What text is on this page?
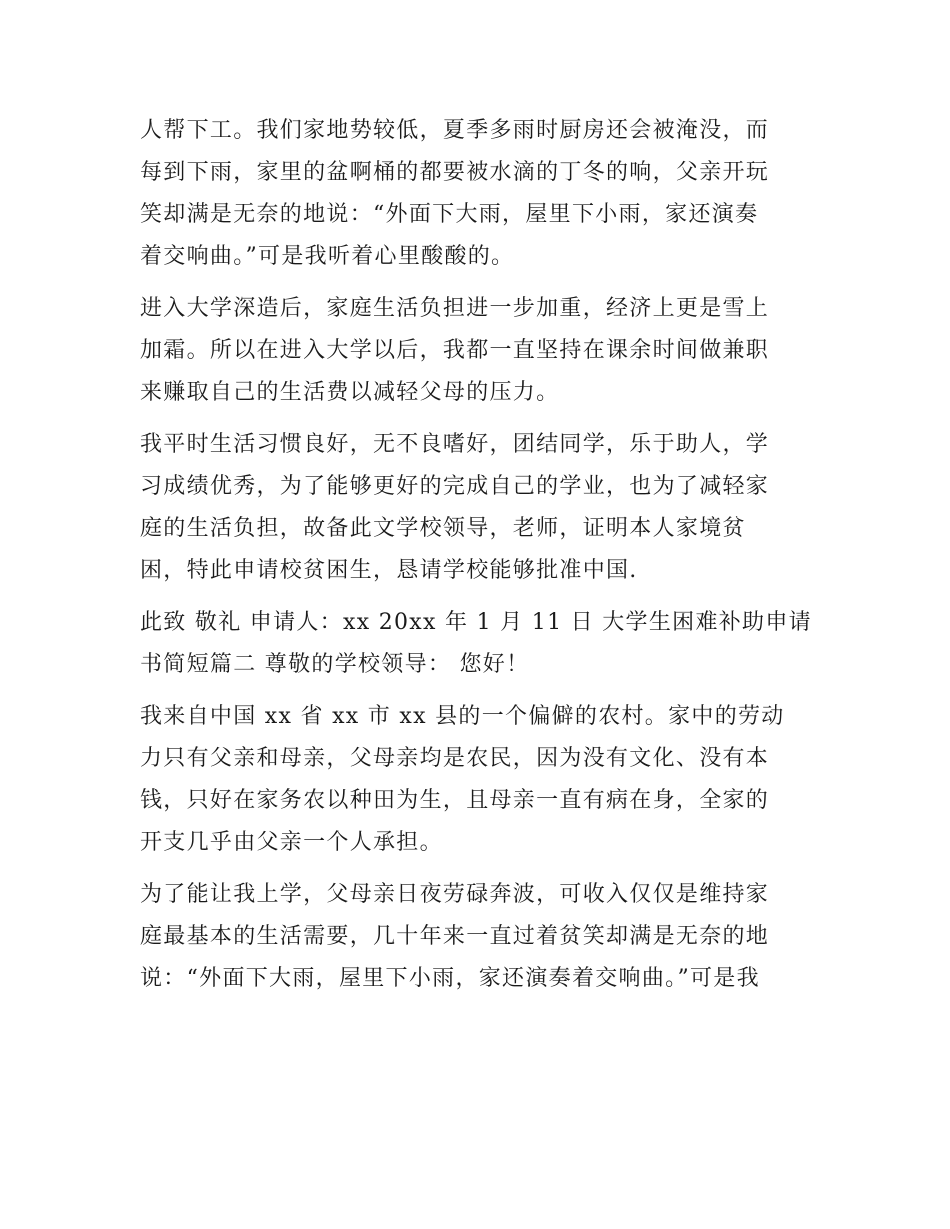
人帮下工。我们家地势较低，夏季多雨时厨房还会被淹没，而
每到下雨，家里的盆啊桶的都要被水滴的丁冬的响，父亲开玩
笑却满是无奈的地说：“外面下大雨，屋里下小雨，家还演奏
着交响曲。”可是我听着心里酸酸的。
进入大学深造后，家庭生活负担进一步加重，经济上更是雪上
加霜。所以在进入大学以后，我都一直坚持在课余时间做兼职
来赚取自己的生活费以减轻父母的压力。
我平时生活习惯良好，无不良嗜好，团结同学，乐于助人，学
习成绩优秀，为了能够更好的完成自己的学业，也为了减轻家
庭的生活负担，故备此文学校领导，老师，证明本人家境贫
困，特此申请校贫困生，恳请学校能够批准中国.
此致 敬礼 申请人：xx 20xx 年 1 月 11 日 大学生困难补助申请
书简短篇二 尊敬的学校领导： 您好！
我来自中国 xx 省 xx 市 xx 县的一个偏僻的农村。家中的劳动
力只有父亲和母亲，父母亲均是农民，因为没有文化、没有本
钱，只好在家务农以种田为生，且母亲一直有病在身，全家的
开支几乎由父亲一个人承担。
为了能让我上学，父母亲日夜劳碌奔波，可收入仅仅是维持家
庭最基本的生活需要，几十年来一直过着贫笑却满是无奈的地
说：“外面下大雨，屋里下小雨，家还演奏着交响曲。”可是我
